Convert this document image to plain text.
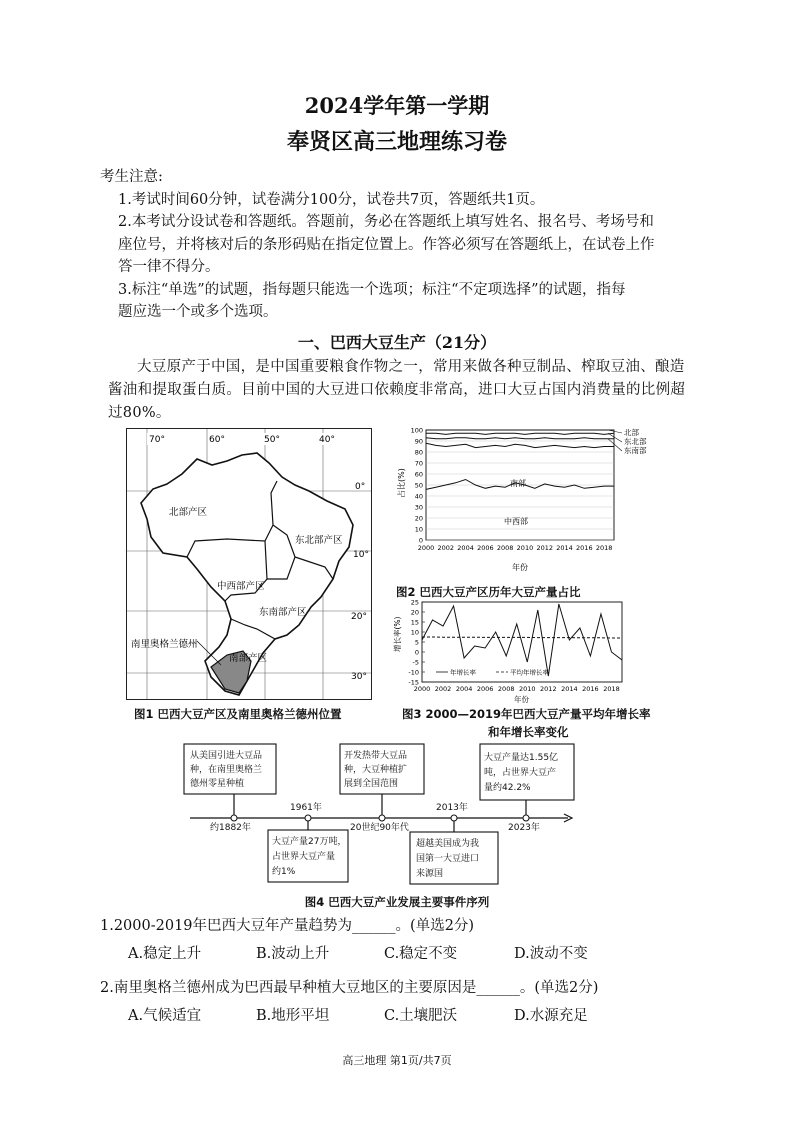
2024学年第一学期
奉贤区高三地理练习卷

考生注意:

1.考试时间60分钟，试卷满分100分，试卷共7页，答题纸共1页。

2.本考试分设试卷和答题纸。答题前，务必在答题纸上填写姓名、报名号、考场号和

座位号，并将核对后的条形码贴在指定位置上。作答必须写在答题纸上，在试卷上作

答一律不得分。

3.标注“单选”的试题，指每题只能选一个选项；标注“不定项选择”的试题，指每

题应选一个或多个选项。

一、巴西大豆生产（21分）
大豆原产于中国，是中国重要粮食作物之一，常用来做各种豆制品、榨取豆油、酿造酱油和提取蛋白质。目前中国的大豆进口依赖度非常高，进口大豆占国内消费量的比例超过80%。
70°	60°	50°	40°
0°
10°
20°
30°
北部产区
东北部产区
中西部产区
东南部产区
南部产区
南里奥格兰德州
图1 巴西大豆产区及南里奥格兰德州位置
0
10
20
30
40
50
60
70
80
90
100
2000 2002 2004 2006 2008 2010 2012 2014 2016 2018
北部
东北部
东南部
南部
中西部
占比(%)
年份
图2 巴西大豆产区历年大豆产量占比
-15
-10
-5
0
5
10
15
20
25
2000 2002 2004 2006 2008 2010 2012 2014 2016 2018
年增长率	平均年增长率
增长率(%)
年份
图3 2000—2019年巴西大豆产量平均年增长率
和年增长率变化
从美国引进大豆品
种，在南里奥格兰
德州零星种植
开发热带大豆品
种，大豆种植扩
展到全国范围
大豆产量达1.55亿
吨，占世界大豆产
量约42.2%
大豆产量27万吨，
占世界大豆产量
约1%
超越美国成为我
国第一大豆进口
来源国
1961年	2013年
约1882年	20世纪90年代	2023年
图4 巴西大豆产业发展主要事件序列
1.2000-2019年巴西大豆年产量趋势为______。(单选2分)
A.稳定上升	B.波动上升	C.稳定不变	D.波动不变
2.南里奥格兰德州成为巴西最早种植大豆地区的主要原因是______。(单选2分)
A.气候适宜	B.地形平坦	C.土壤肥沃	D.水源充足
高三地理 第1页/共7页
